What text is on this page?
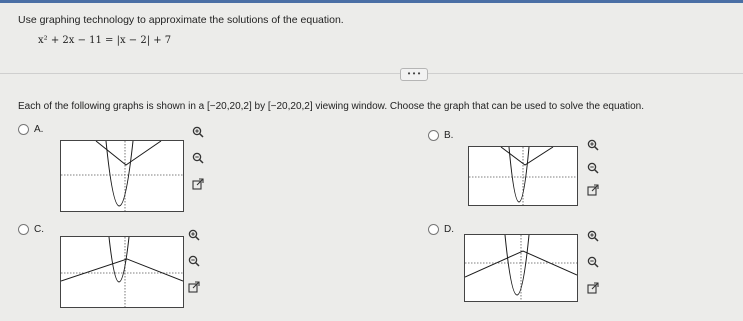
Use graphing technology to approximate the solutions of the equation.
x² + 2x − 11 = |x − 2| + 7
• • •
Each of the following graphs is shown in a [−20,20,2] by [−20,20,2] viewing window. Choose the graph that can be used to solve the equation.
A.
B.
C.	D.
